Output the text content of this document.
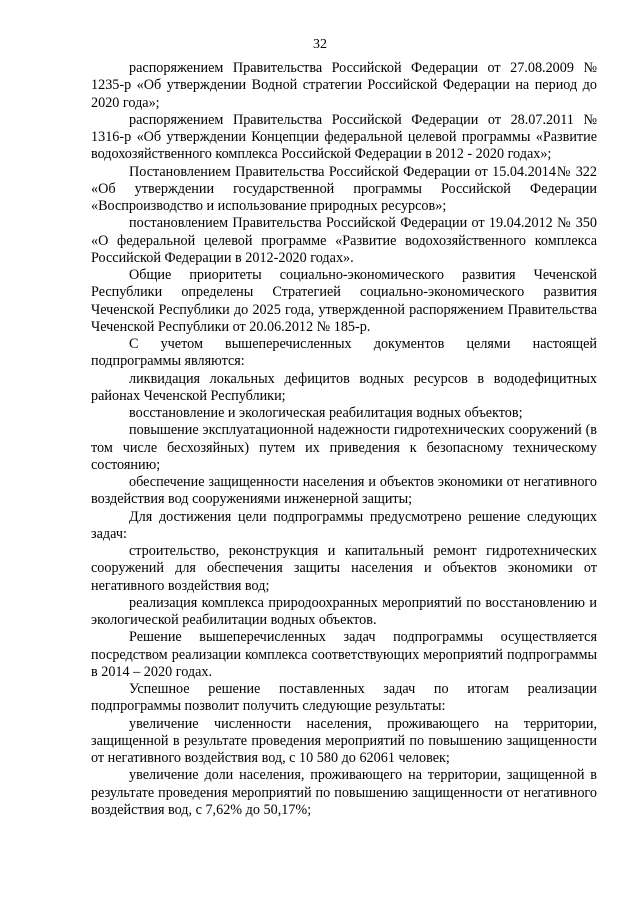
32

распоряжением Правительства Российской Федерации от 27.08.2009 № 1235-р «Об утверждении Водной стратегии Российской Федерации на период до 2020 года»;

распоряжением Правительства Российской Федерации от 28.07.2011 № 1316-р «Об утверждении Концепции федеральной целевой программы «Развитие водохозяйственного комплекса Российской Федерации в 2012 - 2020 годах»;

Постановлением Правительства Российской Федерации от 15.04.2014№ 322 «Об утверждении государственной программы Российской Федерации «Воспроизводство и использование природных ресурсов»;

постановлением Правительства Российской Федерации от 19.04.2012 № 350 «О федеральной целевой программе «Развитие водохозяйственного комплекса Российской Федерации в 2012-2020 годах».

Общие приоритеты социально-экономического развития Чеченской Республики определены Стратегией социально-экономического развития Чеченской Республики до 2025 года, утвержденной распоряжением Правительства Чеченской Республики от 20.06.2012 № 185-р.

С учетом вышеперечисленных документов целями настоящей подпрограммы являются:

ликвидация локальных дефицитов водных ресурсов в вододефицитных районах Чеченской Республики;

восстановление и экологическая реабилитация водных объектов;

повышение эксплуатационной надежности гидротехнических сооружений (в том числе бесхозяйных) путем их приведения к безопасному техническому состоянию;

обеспечение защищенности населения и объектов экономики от негативного воздействия вод сооружениями инженерной защиты;

Для достижения цели подпрограммы предусмотрено решение следующих задач:

строительство, реконструкция и капитальный ремонт гидротехнических сооружений для обеспечения защиты населения и объектов экономики от негативного воздействия вод;

реализация комплекса природоохранных мероприятий по восстановлению и экологической реабилитации водных объектов.

Решение вышеперечисленных задач подпрограммы осуществляется посредством реализации комплекса соответствующих мероприятий подпрограммы в 2014 – 2020 годах.

Успешное решение поставленных задач по итогам реализации подпрограммы позволит получить следующие результаты:

увеличение численности населения, проживающего на территории, защищенной в результате проведения мероприятий по повышению защищенности от негативного воздействия вод, с 10 580 до 62061 человек;

увеличение доли населения, проживающего на территории, защищенной в результате проведения мероприятий по повышению защищенности от негативного воздействия вод, с 7,62% до 50,17%;
